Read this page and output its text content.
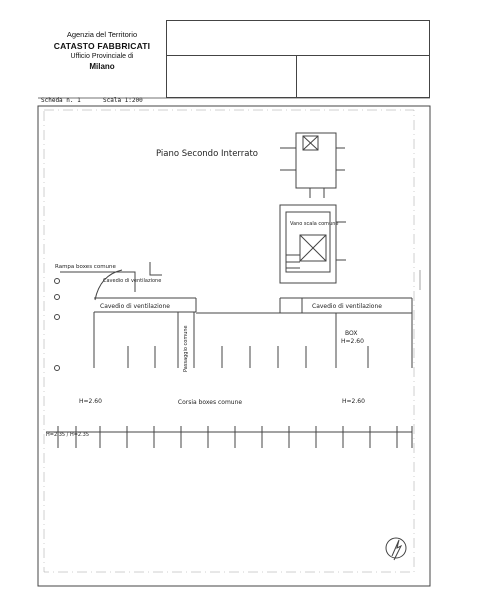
Agenzia del Territorio
CATASTO FABBRICATI
Ufficio Provinciale di
Milano
Scheda n. 1	Scala 1:200
Piano Secondo Interrato
Vano scala comune
Rampa boxes comune
Cavedio di ventilazione
Cavedio di ventilazione	Cavedio di ventilazione
Passaggio comune	BOX
H=2.60
Corsia boxes comune
H=2.60	H=2.60
H=2.35 / H=2.35
